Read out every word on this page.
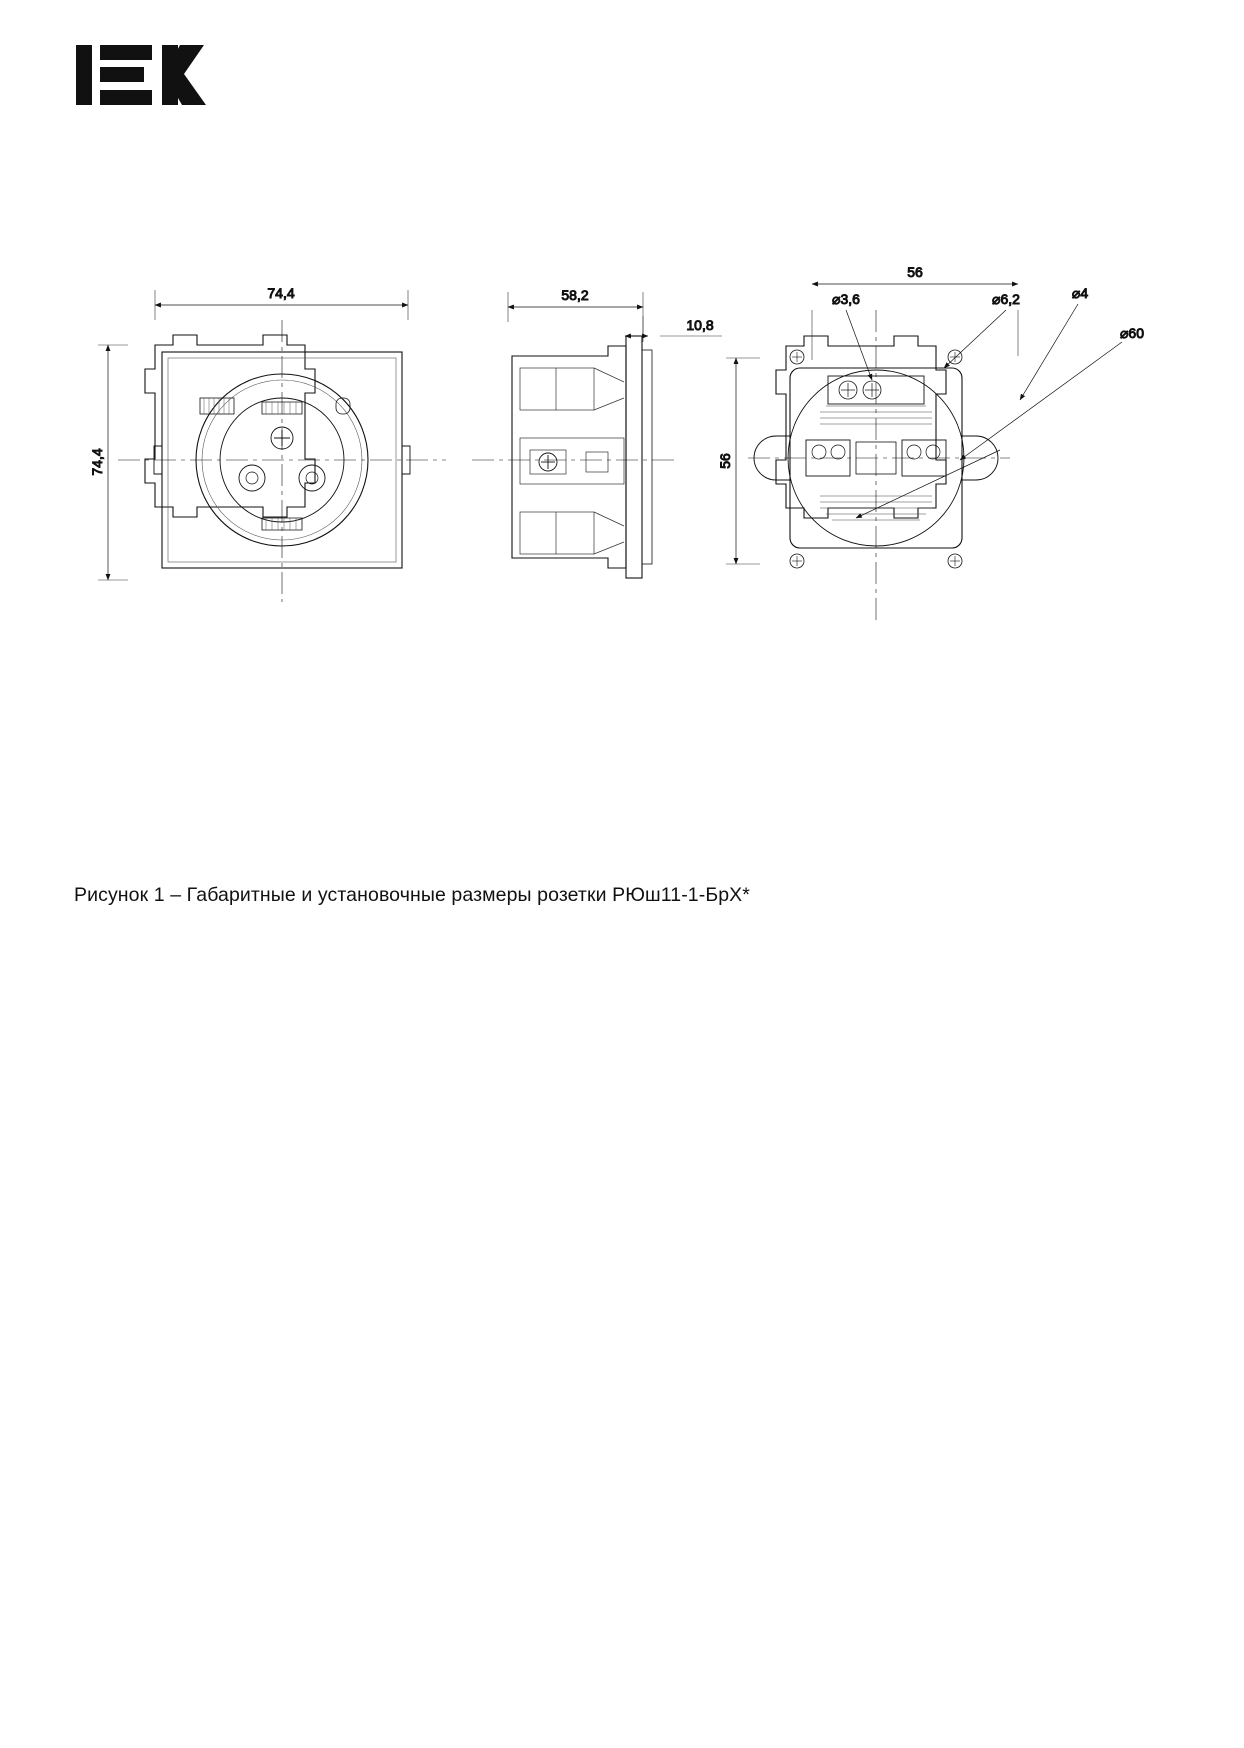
74,4
74,4
58,2
10,8
56
56
⌀3,6	⌀6,2	⌀4
⌀60
Рисунок 1 – Габаритные и установочные размеры розетки РЮш11-1-БрХ*
